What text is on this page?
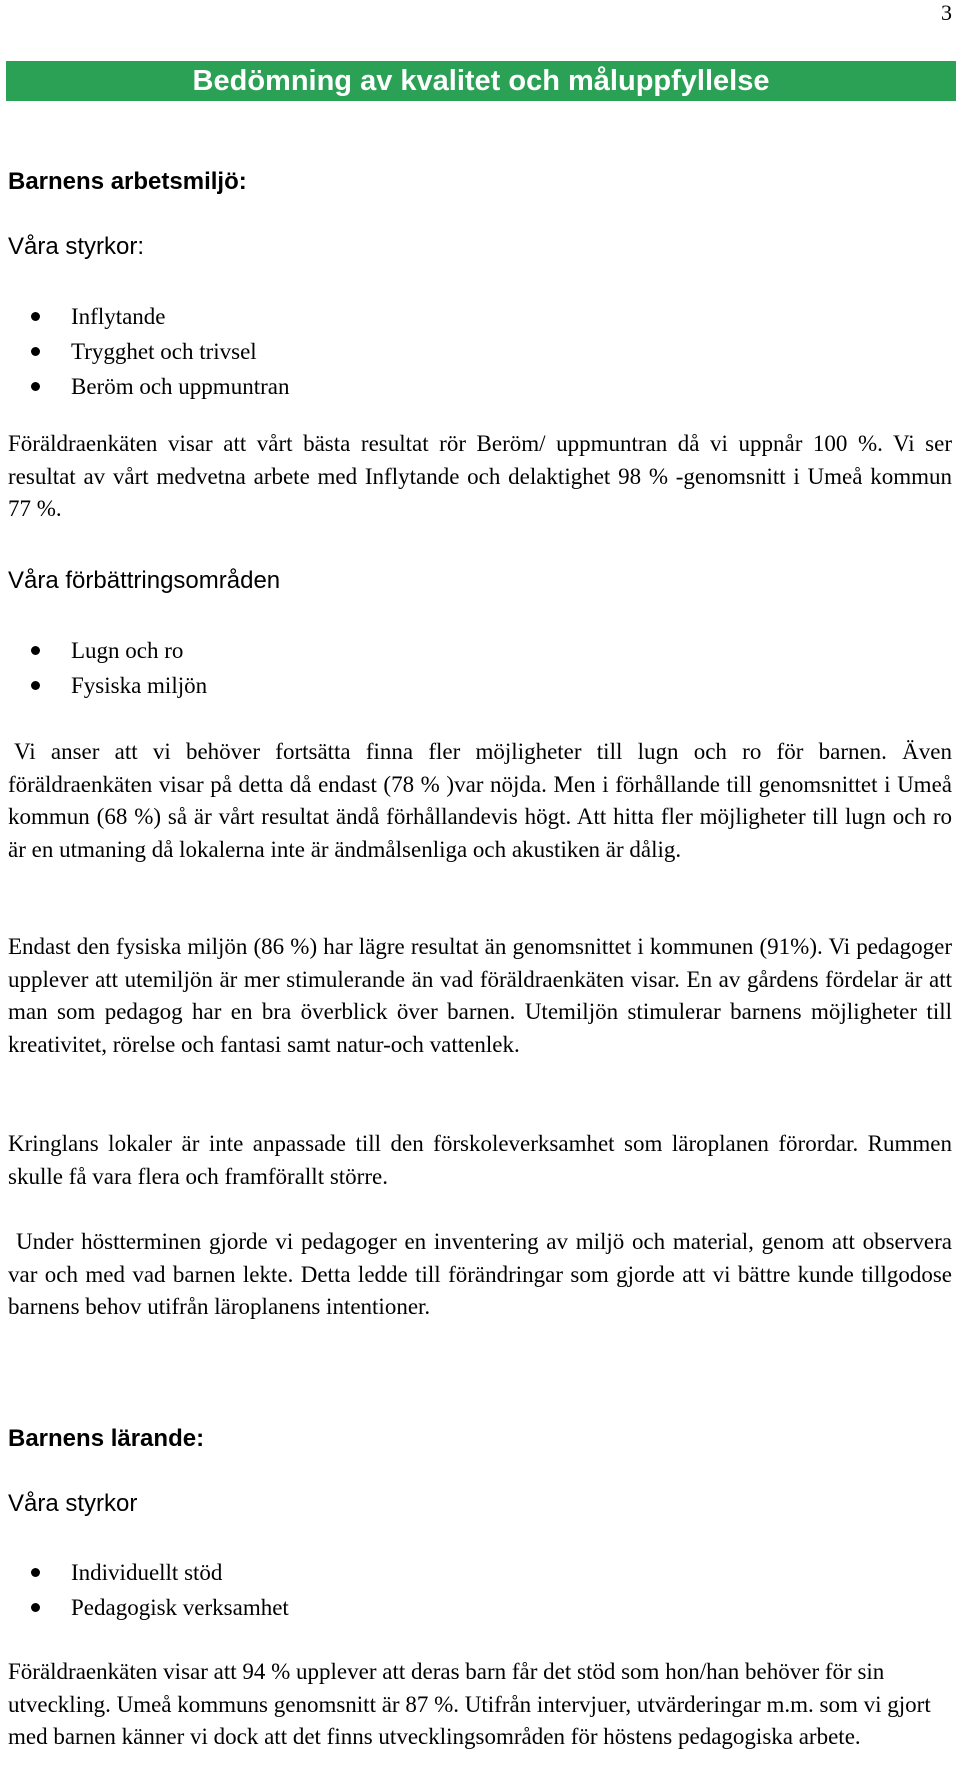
3
Bedömning av kvalitet och måluppfyllelse
Barnens arbetsmiljö:
Våra styrkor:
Inflytande
Trygghet och trivsel
Beröm och uppmuntran
Föräldraenkäten visar att vårt bästa resultat rör Beröm/ uppmuntran då vi uppnår 100 %. Vi ser resultat av vårt medvetna arbete med Inflytande och delaktighet 98 % -genomsnitt i Umeå kommun 77 %.
Våra förbättringsområden
Lugn och ro
Fysiska miljön
Vi anser att vi behöver fortsätta finna fler möjligheter till lugn och ro för barnen. Även föräldraenkäten visar på detta då endast (78 % )var nöjda. Men i förhållande till genomsnittet i Umeå kommun (68 %) så är vårt resultat ändå förhållandevis högt. Att hitta fler möjligheter till lugn och ro är en utmaning då lokalerna inte är ändmålsenliga och akustiken är dålig.
Endast den fysiska miljön (86 %) har lägre resultat än genomsnittet i kommunen (91%). Vi pedagoger upplever att utemiljön är mer stimulerande än vad föräldraenkäten visar. En av gårdens fördelar är att man som pedagog har en bra överblick över barnen. Utemiljön stimulerar barnens möjligheter till kreativitet, rörelse och fantasi samt natur-och vattenlek.
Kringlans lokaler är inte anpassade till den förskoleverksamhet som läroplanen förordar. Rummen skulle få vara flera och framförallt större.
Under höstterminen gjorde vi pedagoger en inventering av miljö och material, genom att observera var och med vad barnen lekte. Detta ledde till förändringar som gjorde att vi bättre kunde tillgodose barnens behov utifrån läroplanens intentioner.
Barnens lärande:
Våra styrkor
Individuellt stöd
Pedagogisk verksamhet
Föräldraenkäten visar att 94 % upplever att deras barn får det stöd som hon/han behöver för sin utveckling. Umeå kommuns genomsnitt är 87 %. Utifrån intervjuer, utvärderingar m.m. som vi gjort med barnen känner vi dock att det finns utvecklingsområden för höstens pedagogiska arbete.
